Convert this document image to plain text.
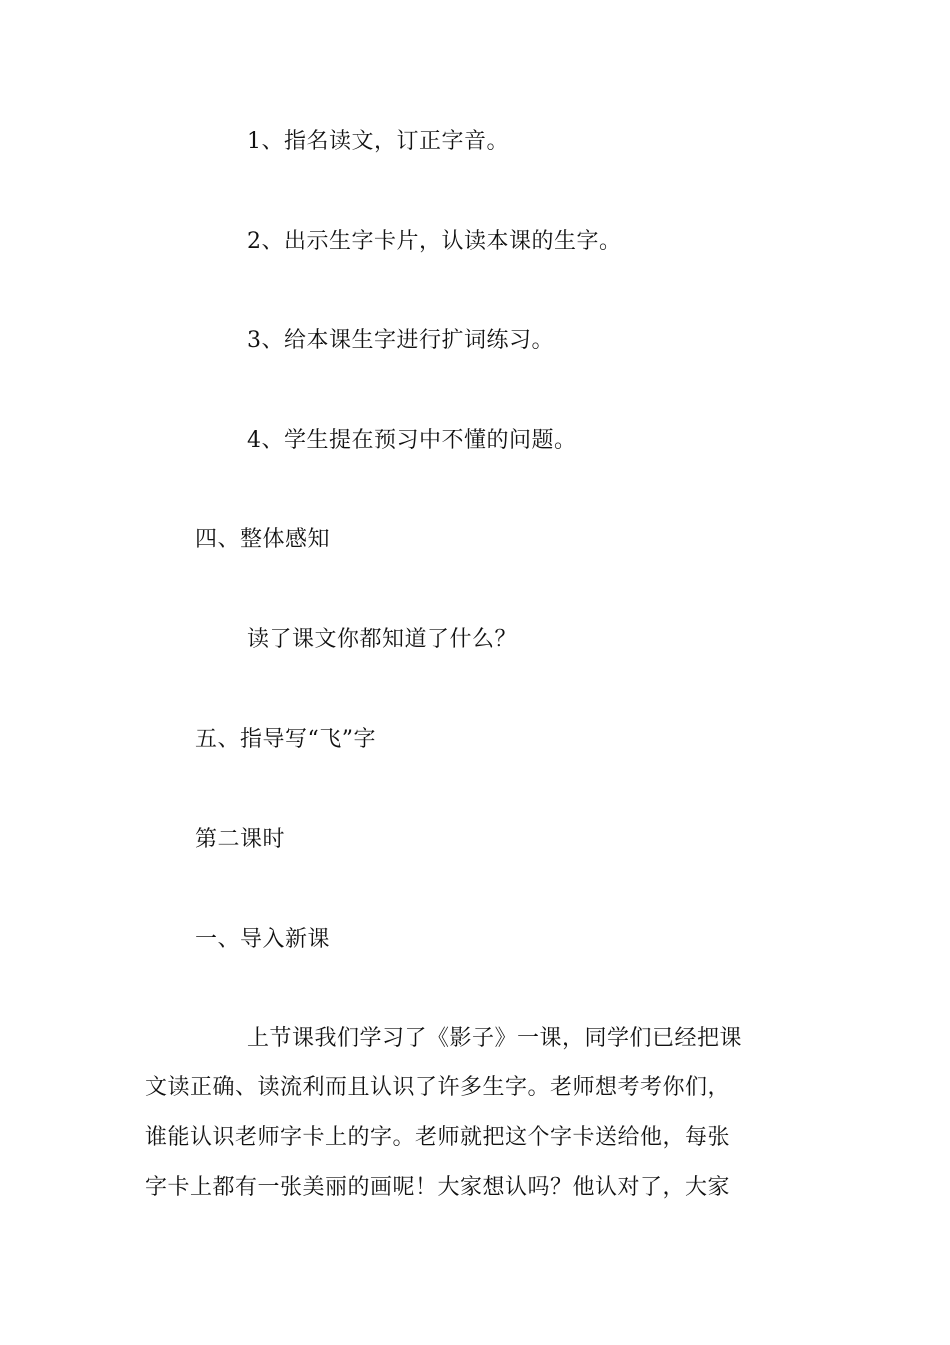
1、指名读文，订正字音。
2、出示生字卡片，认读本课的生字。
3、给本课生字进行扩词练习。
4、学生提在预习中不懂的问题。
四、整体感知
读了课文你都知道了什么？
五、指导写“飞”字
第二课时
一、导入新课
上节课我们学习了《影子》一课，同学们已经把课
文读正确、读流利而且认识了许多生字。老师想考考你们，
谁能认识老师字卡上的字。老师就把这个字卡送给他，每张
字卡上都有一张美丽的画呢！大家想认吗？他认对了，大家
